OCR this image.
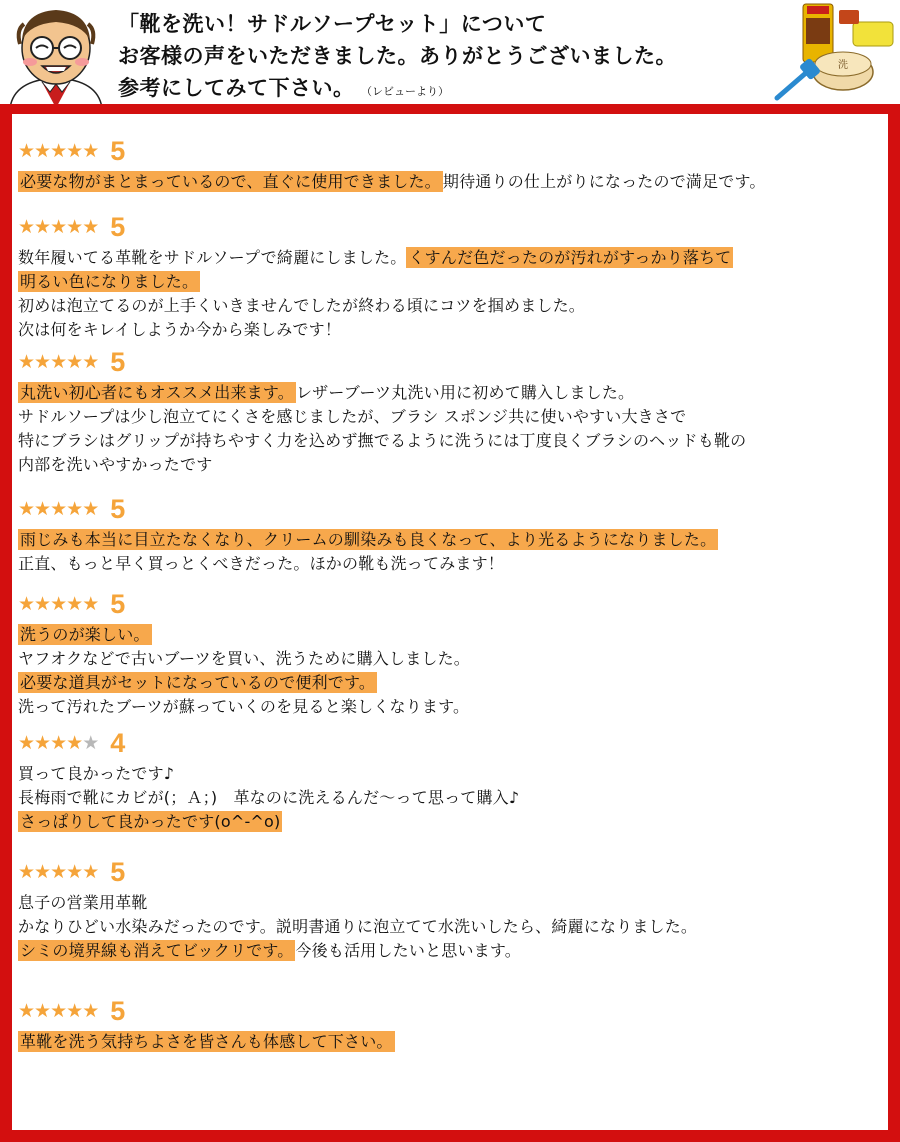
「靴を洗い！サドルソープセット」について
お客様の声をいただきました。ありがとうございました。
参考にしてみて下さい。 （レビューより）
洗
★★★★★ 5
必要な物がまとまっているので、直ぐに使用できました。 期待通りの仕上がりになったので満足です。
★★★★★ 5
数年履いてる革靴をサドルソープで綺麗にしました。 くすんだ色だったのが汚れがすっかり落ちて
明るい色になりました。
初めは泡立てるのが上手くいきませんでしたが終わる頃にコツを掴めました。
次は何をキレイしようか今から楽しみです！
★★★★★ 5
丸洗い初心者にもオススメ出来ます。 レザーブーツ丸洗い用に初めて購入しました。
サドルソープは少し泡立てにくさを感じましたが、ブラシ スポンジ共に使いやすい大きさで
特にブラシはグリップが持ちやすく力を込めず撫でるように洗うには丁度良くブラシのヘッドも靴の
内部を洗いやすかったです
★★★★★ 5
雨じみも本当に目立たなくなり、クリームの馴染みも良くなって、より光るようになりました。
正直、もっと早く買っとくべきだった。ほかの靴も洗ってみます！
★★★★★ 5
洗うのが楽しい。
ヤフオクなどで古いブーツを買い、洗うために購入しました。
必要な道具がセットになっているので便利です。
洗って汚れたブーツが蘇っていくのを見ると楽しくなります。
★★★★★ 4
買って良かったです♪
長梅雨で靴にカビが(；Ａ；)　革なのに洗えるんだ～って思って購入♪
さっぱりして良かったです(o^-^o)
★★★★★ 5
息子の営業用革靴
かなりひどい水染みだったのです。説明書通りに泡立てて水洗いしたら、綺麗になりました。
シミの境界線も消えてビックリです。 今後も活用したいと思います。
★★★★★ 5
革靴を洗う気持ちよさを皆さんも体感して下さい。
